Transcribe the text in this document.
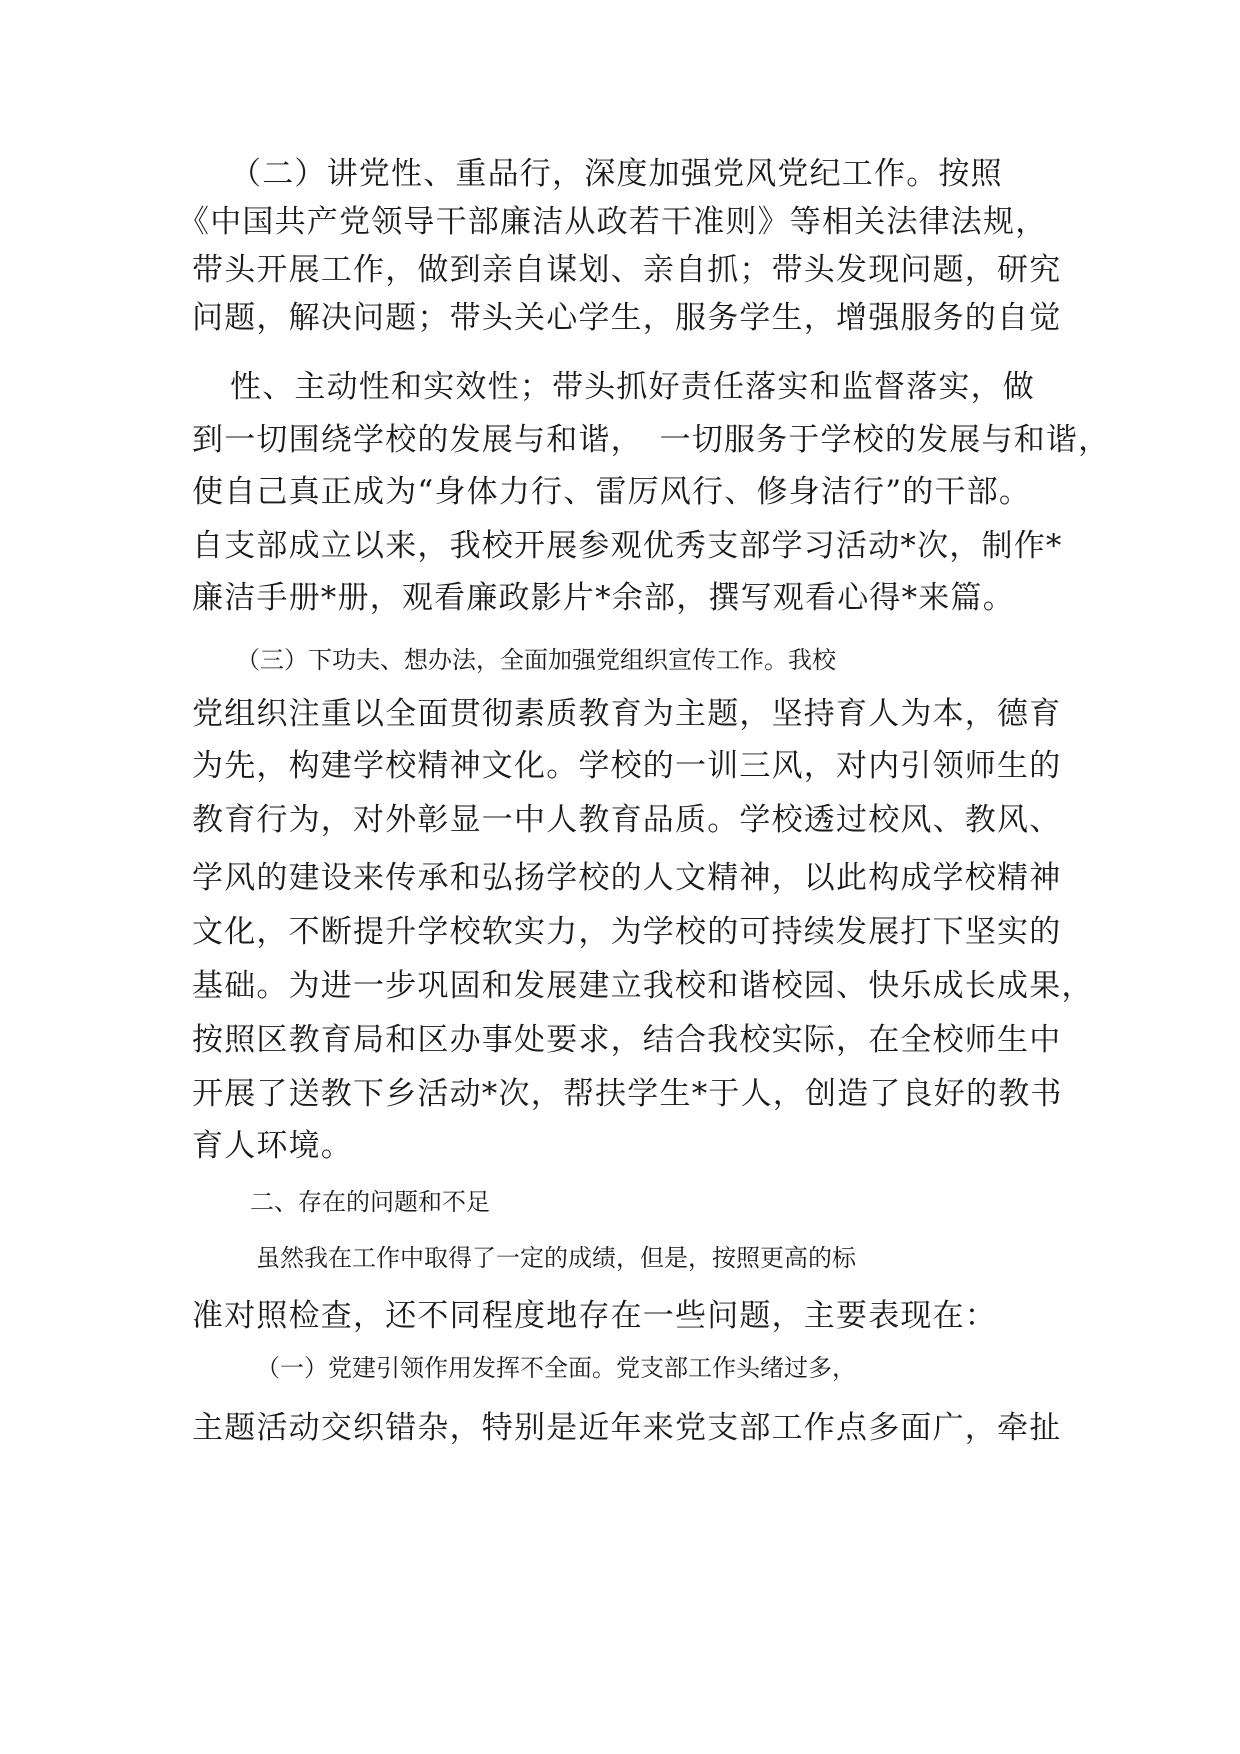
（二）讲党性、重品行，深度加强党风党纪工作。按照
《中国共产党领导干部廉洁从政若干准则》等相关法律法规，
带头开展工作，做到亲自谋划、亲自抓；带头发现问题，研究
问题，解决问题；带头关心学生，服务学生，增强服务的自觉
性、主动性和实效性；带头抓好责任落实和监督落实，做
到一切围绕学校的发展与和谐，　一切服务于学校的发展与和谐，
使自己真正成为“身体力行、雷厉风行、修身洁行”的干部。
自支部成立以来，我校开展参观优秀支部学习活动*次，制作*
廉洁手册*册，观看廉政影片*余部，撰写观看心得*来篇。
（三）下功夫、想办法，全面加强党组织宣传工作。我校
党组织注重以全面贯彻素质教育为主题，坚持育人为本，德育
为先，构建学校精神文化。学校的一训三风，对内引领师生的
教育行为，对外彰显一中人教育品质。学校透过校风、教风、
学风的建设来传承和弘扬学校的人文精神，以此构成学校精神
文化，不断提升学校软实力，为学校的可持续发展打下坚实的
基础。为进一步巩固和发展建立我校和谐校园、快乐成长成果，
按照区教育局和区办事处要求，结合我校实际，在全校师生中
开展了送教下乡活动*次，帮扶学生*于人，创造了良好的教书
育人环境。
二、存在的问题和不足
虽然我在工作中取得了一定的成绩，但是，按照更高的标
准对照检查，还不同程度地存在一些问题，主要表现在：
（一）党建引领作用发挥不全面。党支部工作头绪过多，
主题活动交织错杂，特别是近年来党支部工作点多面广，牵扯
